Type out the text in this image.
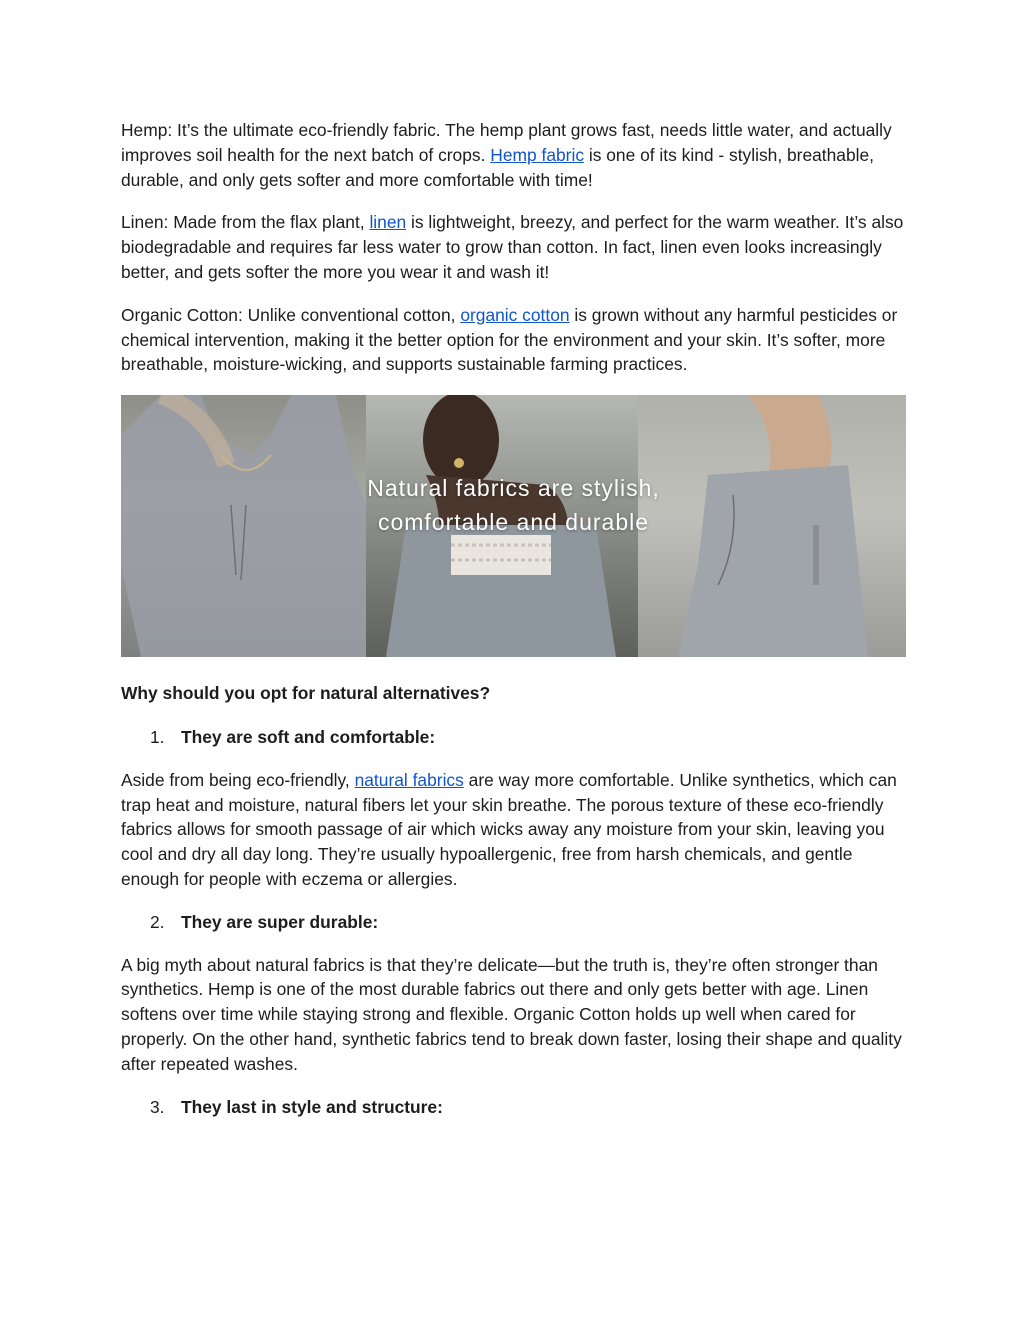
Hemp: It’s the ultimate eco-friendly fabric. The hemp plant grows fast, needs little water, and actually improves soil health for the next batch of crops. Hemp fabric is one of its kind - stylish, breathable, durable, and only gets softer and more comfortable with time!

Linen: Made from the flax plant, linen is lightweight, breezy, and perfect for the warm weather. It’s also biodegradable and requires far less water to grow than cotton. In fact, linen even looks increasingly better, and gets softer the more you wear it and wash it!

Organic Cotton: Unlike conventional cotton, organic cotton is grown without any harmful pesticides or chemical intervention, making it the better option for the environment and your skin. It’s softer, more breathable, moisture-wicking, and supports sustainable farming practices.

Natural fabrics are stylish,
comfortable and durable

Why should you opt for natural alternatives?

1. They are soft and comfortable:

Aside from being eco-friendly, natural fabrics are way more comfortable. Unlike synthetics, which can trap heat and moisture, natural fibers let your skin breathe. The porous texture of these eco-friendly fabrics allows for smooth passage of air which wicks away any moisture from your skin, leaving you cool and dry all day long. They’re usually hypoallergenic, free from harsh chemicals, and gentle enough for people with eczema or allergies.

2. They are super durable:

A big myth about natural fabrics is that they’re delicate—but the truth is, they’re often stronger than synthetics. Hemp is one of the most durable fabrics out there and only gets better with age. Linen softens over time while staying strong and flexible. Organic Cotton holds up well when cared for properly. On the other hand, synthetic fabrics tend to break down faster, losing their shape and quality after repeated washes.

3. They last in style and structure:
